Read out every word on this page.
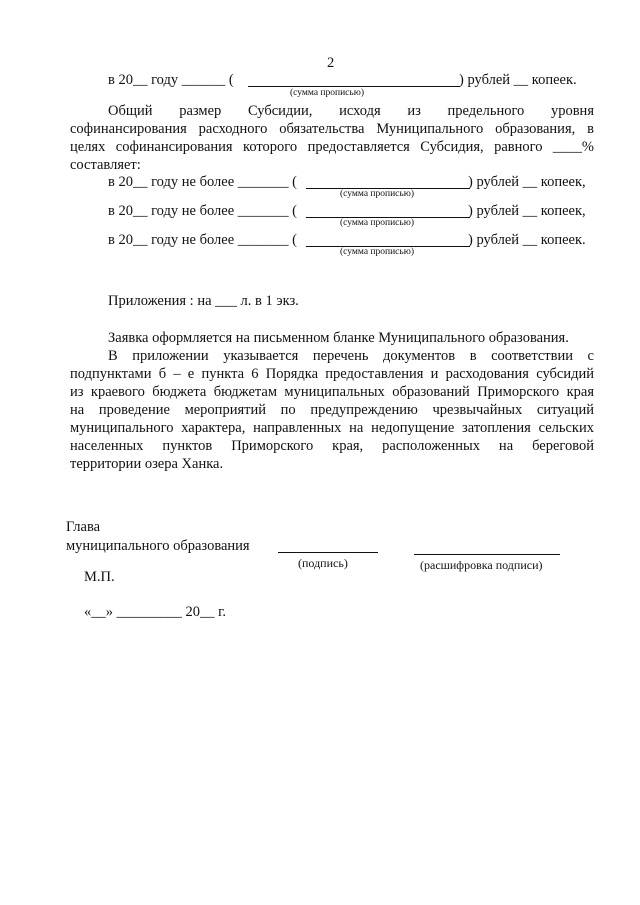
2
в 20__ году ______ (	) рублей __ копеек.
(сумма прописью)
Общий размер Субсидии, исходя из предельного уровня
софинансирования расходного обязательства Муниципального образования, в
целях софинансирования которого предоставляется Субсидия, равного ____%
составляет:
в 20__ году не более _______ (	) рублей __ копеек,
(сумма прописью)
в 20__ году не более _______ (	) рублей __ копеек,
(сумма прописью)
в 20__ году не более _______ (	) рублей __ копеек.
(сумма прописью)
Приложения : на ___ л. в 1 экз.
Заявка оформляется на письменном бланке Муниципального образования.
В приложении указывается перечень документов в соответствии с
подпунктами б – е пункта 6 Порядка предоставления и расходования субсидий
из краевого бюджета бюджетам муниципальных образований Приморского края
на проведение мероприятий по предупреждению чрезвычайных ситуаций
муниципального характера, направленных на недопущение затопления сельских
населенных пунктов Приморского края, расположенных на береговой
территории озера Ханка.
Глава
муниципального образования
(подпись)	(расшифровка подписи)
М.П.
«__» _________ 20__ г.
